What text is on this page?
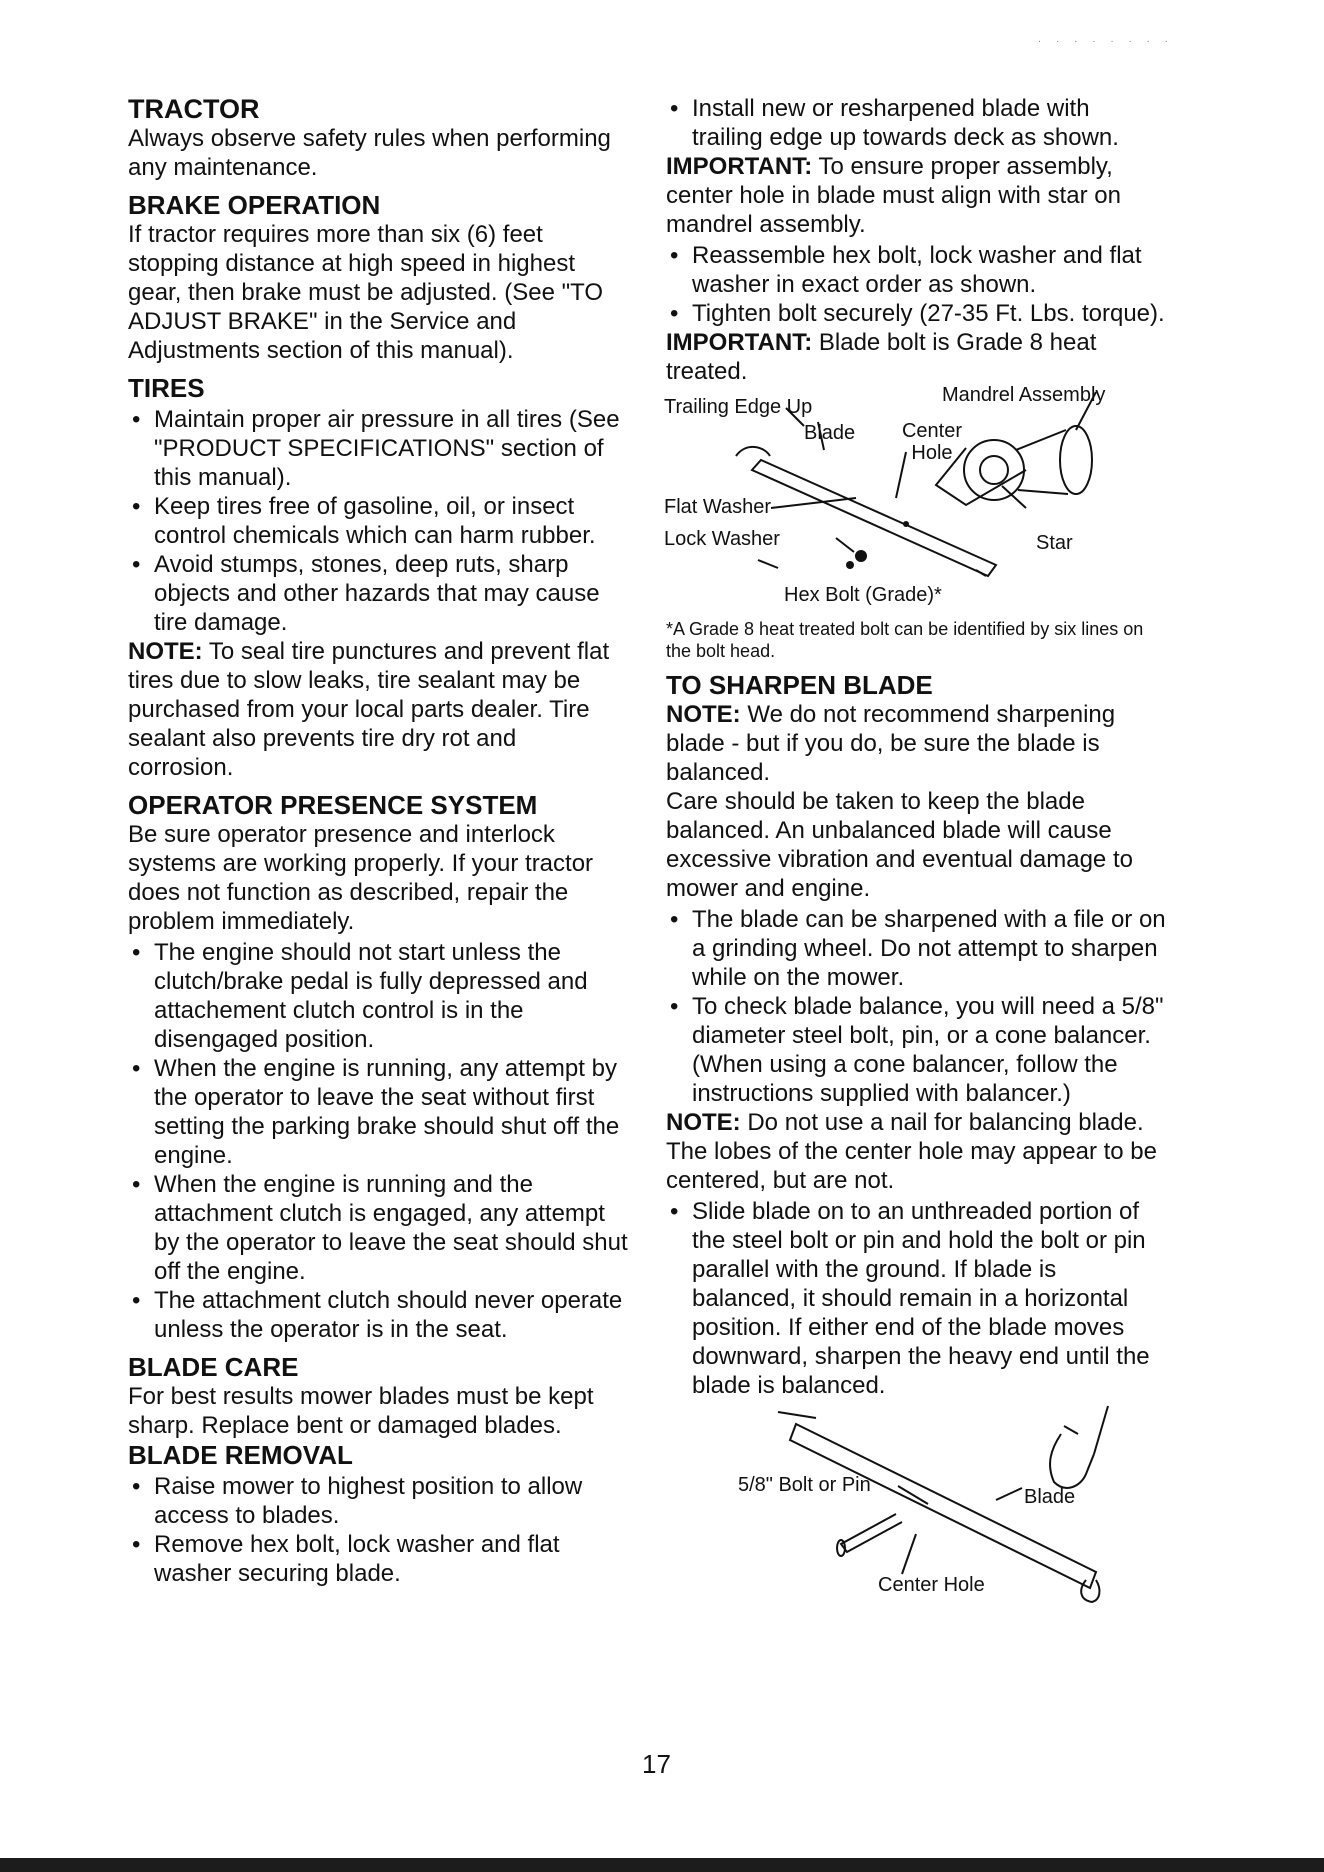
· · · · · · · ·
TRACTOR

Always observe safety rules when performing any maintenance.

BRAKE OPERATION

If tractor requires more than six (6) feet stopping distance at high speed in highest gear, then brake must be adjusted. (See "TO ADJUST BRAKE" in the Service and Adjustments section of this manual).

TIRES
• Maintain proper air pressure in all tires (See "PRODUCT SPECIFICATIONS" section of this manual).
• Keep tires free of gasoline, oil, or insect control chemicals which can harm rubber.
• Avoid stumps, stones, deep ruts, sharp objects and other hazards that may cause tire damage.

NOTE: To seal tire punctures and prevent flat tires due to slow leaks, tire sealant may be purchased from your local parts dealer. Tire sealant also prevents tire dry rot and corrosion.

OPERATOR PRESENCE SYSTEM

Be sure operator presence and interlock systems are working properly. If your tractor does not function as described, repair the problem immediately.

• The engine should not start unless the clutch/brake pedal is fully depressed and attachement clutch control is in the disengaged position.
• When the engine is running, any attempt by the operator to leave the seat without first setting the parking brake should shut off the engine.
• When the engine is running and the attachment clutch is engaged, any attempt by the operator to leave the seat should shut off the engine.
• The attachment clutch should never operate unless the operator is in the seat.
BLADE CARE

For best results mower blades must be kept sharp. Replace bent or damaged blades.

BLADE REMOVAL
• Raise mower to highest position to allow access to blades.
• Remove hex bolt, lock washer and flat washer securing blade.
• Install new or resharpened blade with trailing edge up towards deck as shown.

IMPORTANT: To ensure proper assembly, center hole in blade must align with star on mandrel assembly.

• Reassemble hex bolt, lock washer and flat washer in exact order as shown.
• Tighten bolt securely (27-35 Ft. Lbs. torque).

IMPORTANT: Blade bolt is Grade 8 heat treated.

Trailing Edge Up
Blade	Center Hole
Mandrel Assembly
Flat Washer
Lock Washer	Star
Hex Bolt (Grade)*

*A Grade 8 heat treated bolt can be identified by six lines on the bolt head.

TO SHARPEN BLADE

NOTE: We do not recommend sharpening blade - but if you do, be sure the blade is balanced.

Care should be taken to keep the blade balanced. An unbalanced blade will cause excessive vibration and eventual damage to mower and engine.

• The blade can be sharpened with a file or on a grinding wheel. Do not attempt to sharpen while on the mower.
• To check blade balance, you will need a 5/8" diameter steel bolt, pin, or a cone balancer. (When using a cone balancer, follow the instructions supplied with balancer.)

NOTE: Do not use a nail for balancing blade. The lobes of the center hole may appear to be centered, but are not.

• Slide blade on to an unthreaded portion of the steel bolt or pin and hold the bolt or pin parallel with the ground. If blade is balanced, it should remain in a horizontal position. If either end of the blade moves downward, sharpen the heavy end until the blade is balanced.
5/8" Bolt or Pin
Blade
Center Hole
17
